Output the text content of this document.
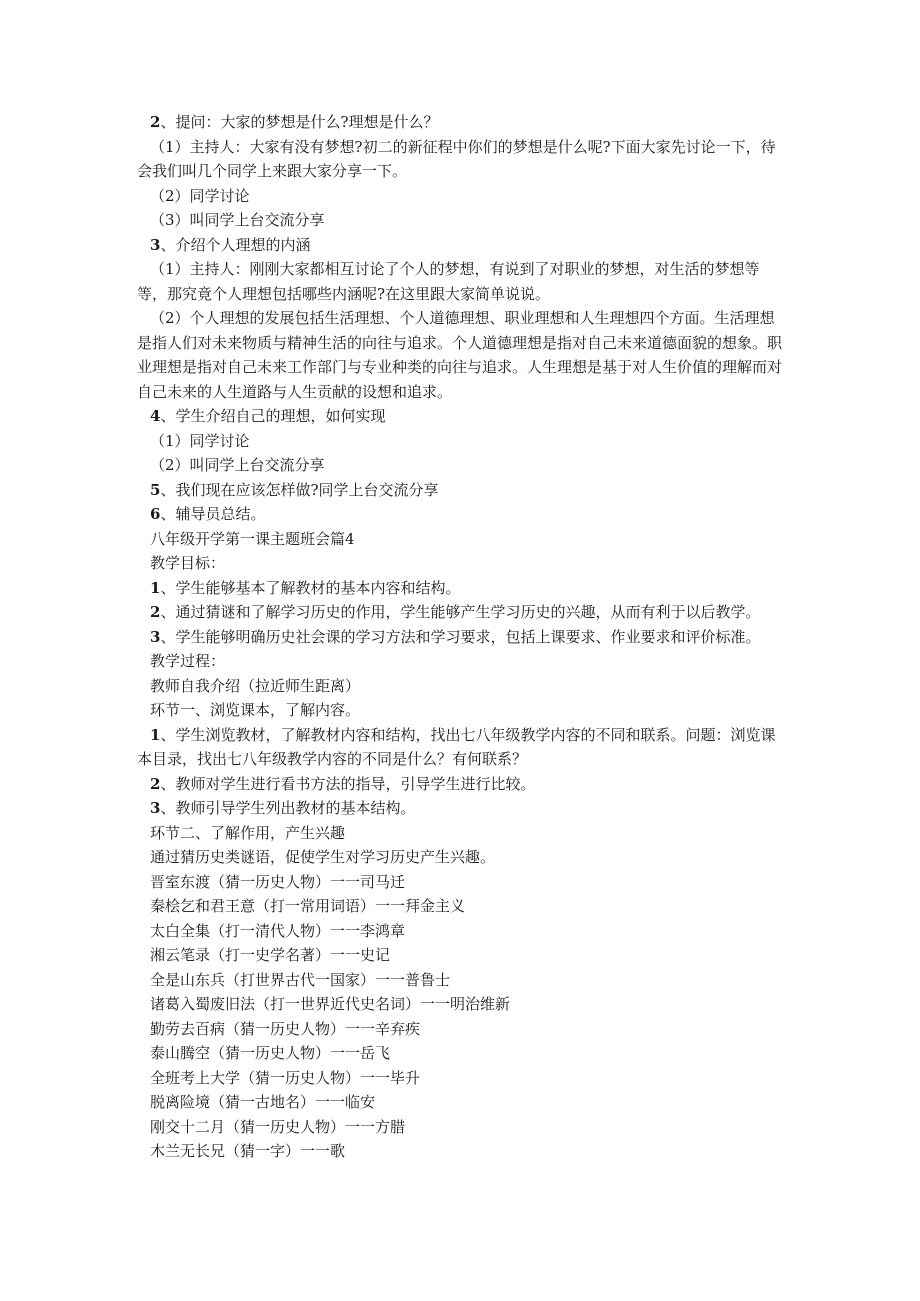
2、提问：大家的梦想是什么?理想是什么？

（1）主持人：大家有没有梦想?初二的新征程中你们的梦想是什么呢?下面大家先讨论一下，待会我们叫几个同学上来跟大家分享一下。

（2）同学讨论

（3）叫同学上台交流分享

3、介绍个人理想的内涵

（1）主持人：刚刚大家都相互讨论了个人的梦想，有说到了对职业的梦想，对生活的梦想等等，那究竟个人理想包括哪些内涵呢?在这里跟大家简单说说。

（2）个人理想的发展包括生活理想、个人道德理想、职业理想和人生理想四个方面。生活理想是指人们对未来物质与精神生活的向往与追求。个人道德理想是指对自己未来道德面貌的想象。职业理想是指对自己未来工作部门与专业种类的向往与追求。人生理想是基于对人生价值的理解而对自己未来的人生道路与人生贡献的设想和追求。

4、学生介绍自己的理想，如何实现

（1）同学讨论

（2）叫同学上台交流分享

5、我们现在应该怎样做?同学上台交流分享

6、辅导员总结。

八年级开学第一课主题班会篇4

教学目标：

1、学生能够基本了解教材的基本内容和结构。

2、通过猜谜和了解学习历史的作用，学生能够产生学习历史的兴趣，从而有利于以后教学。

3、学生能够明确历史社会课的学习方法和学习要求，包括上课要求、作业要求和评价标准。

教学过程：

教师自我介绍（拉近师生距离）

环节一、浏览课本，了解内容。

1、学生浏览教材，了解教材内容和结构，找出七八年级教学内容的不同和联系。问题：浏览课本目录，找出七八年级教学内容的不同是什么？有何联系？

2、教师对学生进行看书方法的指导，引导学生进行比较。

3、教师引导学生列出教材的基本结构。

环节二、了解作用，产生兴趣

通过猜历史类谜语，促使学生对学习历史产生兴趣。

晋室东渡（猜一历史人物）一一司马迁

秦桧乞和君王意（打一常用词语）一一拜金主义

太白全集（打一清代人物）一一李鸿章

湘云笔录（打一史学名著）一一史记

全是山东兵（打世界古代一国家）一一普鲁士

诸葛入蜀废旧法（打一世界近代史名词）一一明治维新

勤劳去百病（猜一历史人物）一一辛弃疾

泰山腾空（猜一历史人物）一一岳飞

全班考上大学（猜一历史人物）一一毕升

脱离险境（猜一古地名）一一临安

刚交十二月（猜一历史人物）一一方腊

木兰无长兄（猜一字）一一歌
